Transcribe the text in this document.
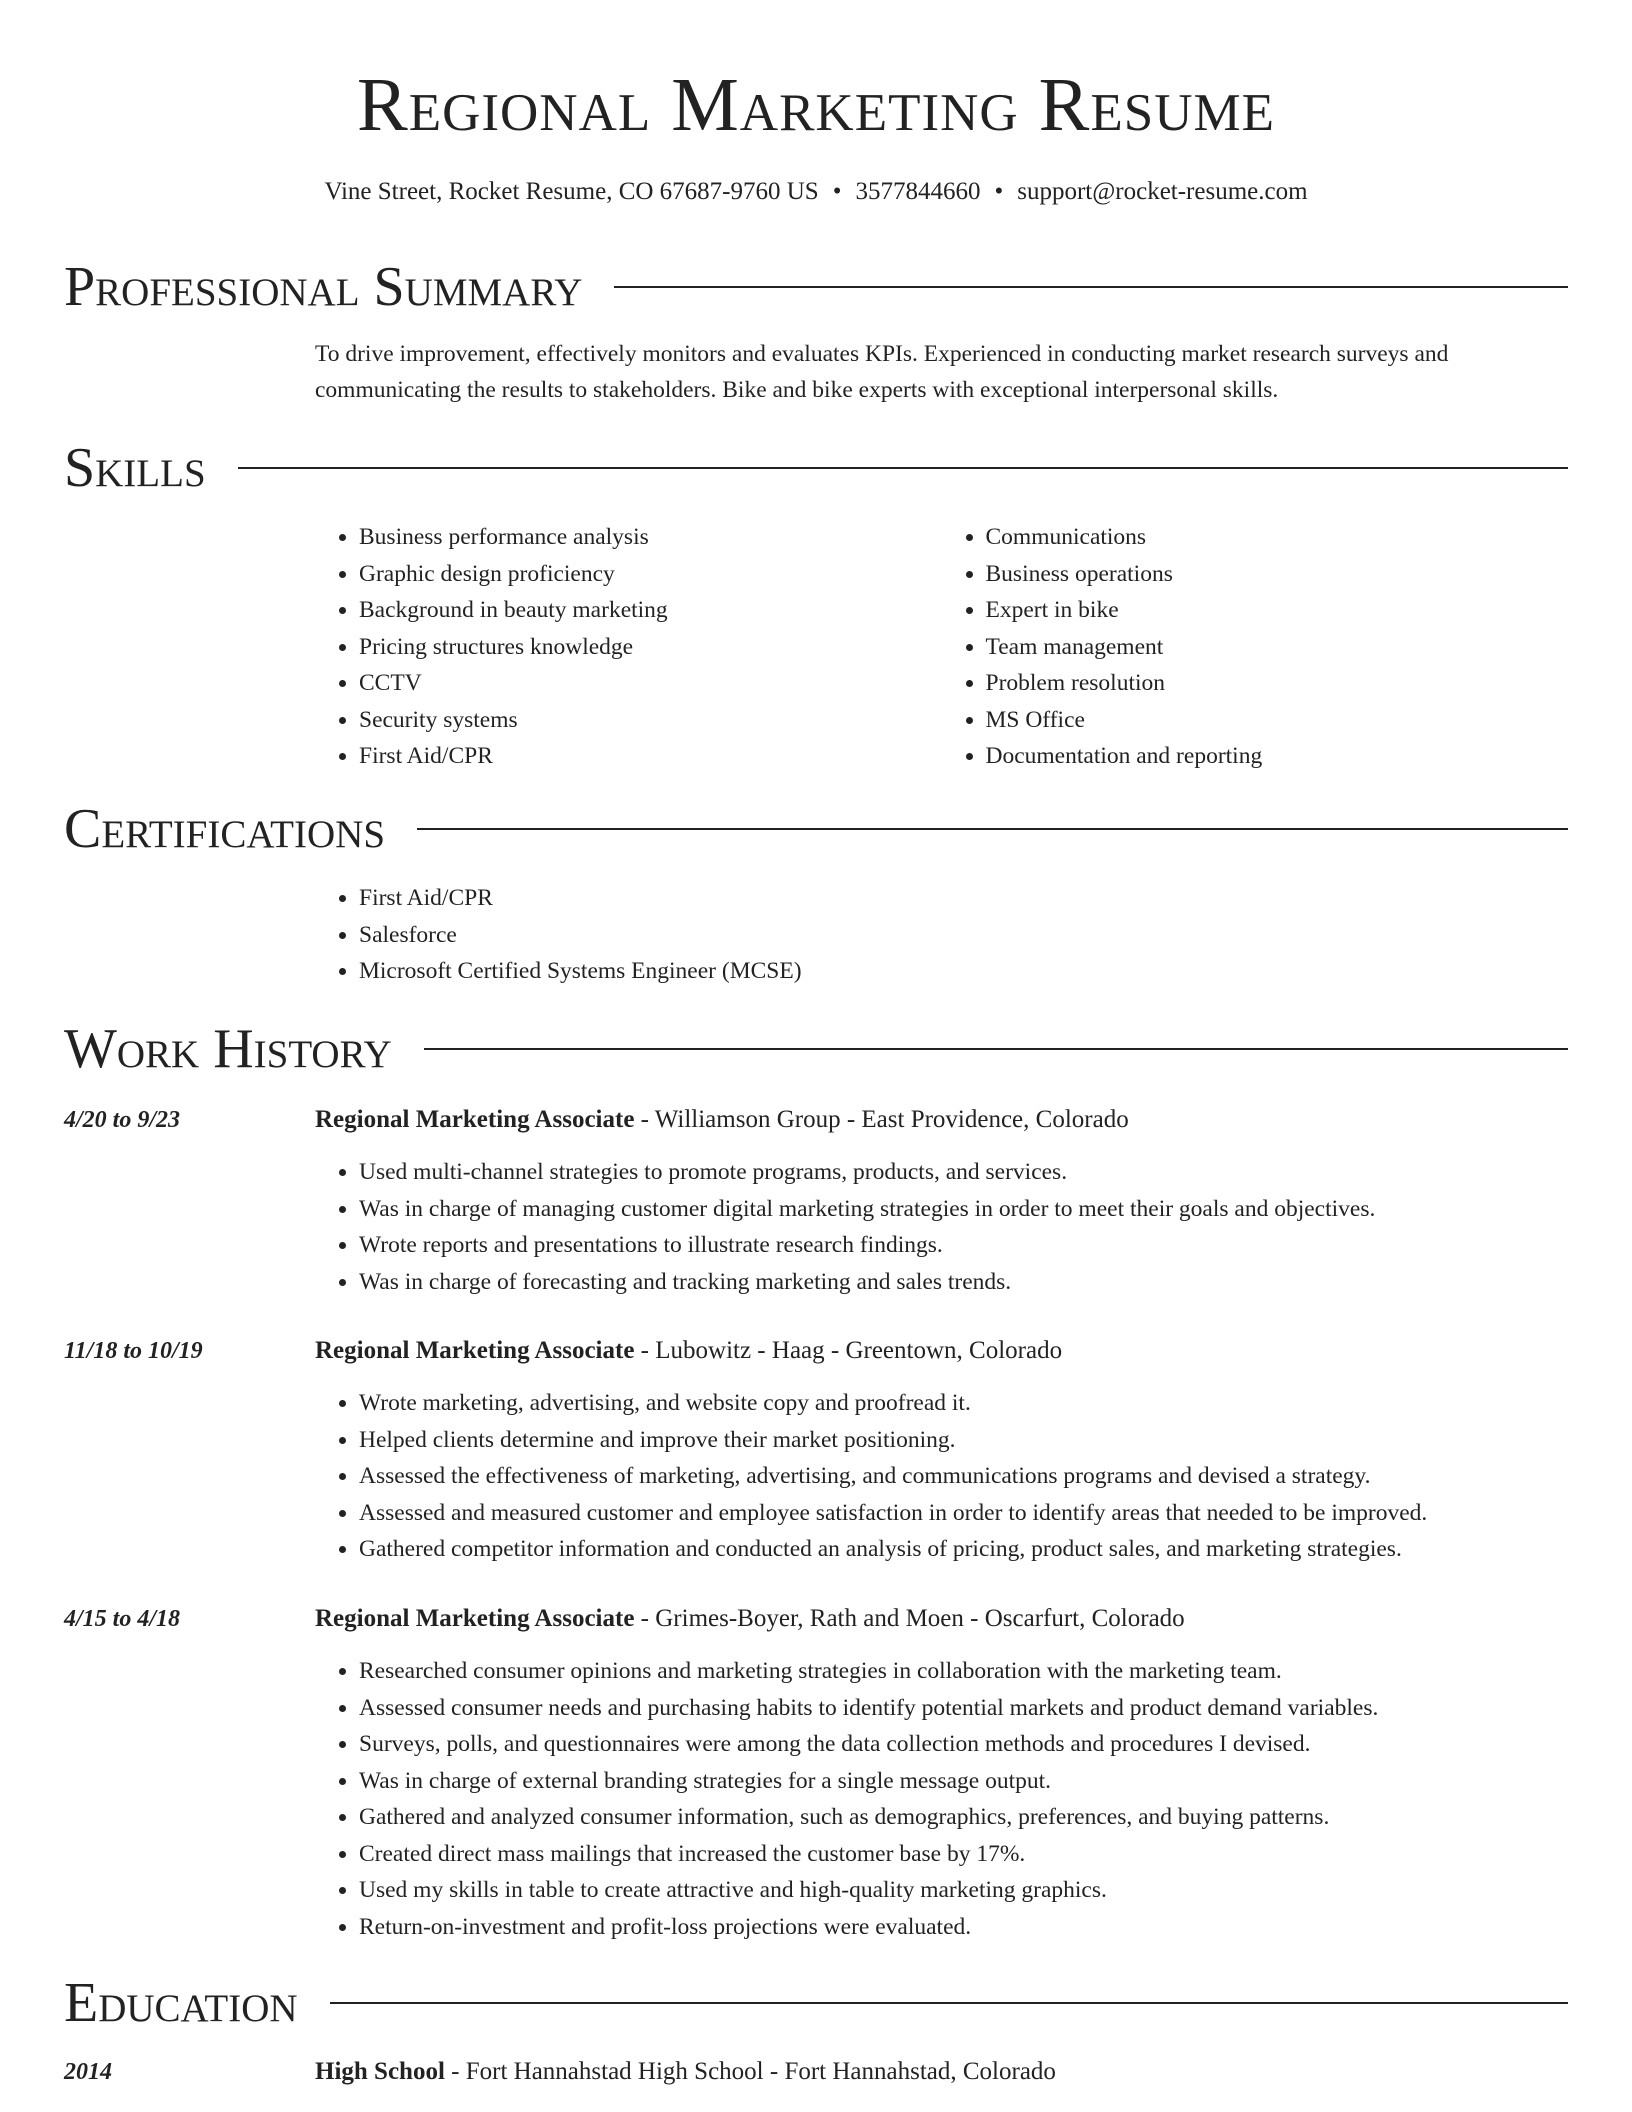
Regional Marketing Resume
Vine Street, Rocket Resume, CO 67687-9760 US • 3577844660 • support@rocket-resume.com
Professional Summary

To drive improvement, effectively monitors and evaluates KPIs. Experienced in conducting market research surveys and communicating the results to stakeholders. Bike and bike experts with exceptional interpersonal skills.

Skills
• Business performance analysis
• Graphic design proficiency
• Background in beauty marketing
• Pricing structures knowledge
• CCTV
• Security systems
• First Aid/CPR
• Communications
• Business operations
• Expert in bike
• Team management
• Problem resolution
• MS Office
• Documentation and reporting
Certifications
• First Aid/CPR
• Salesforce
• Microsoft Certified Systems Engineer (MCSE)
Work History
4/20 to 9/23	Regional Marketing Associate - Williamson Group - East Providence, Colorado
• Used multi-channel strategies to promote programs, products, and services.
• Was in charge of managing customer digital marketing strategies in order to meet their goals and objectives.
• Wrote reports and presentations to illustrate research findings.
• Was in charge of forecasting and tracking marketing and sales trends.
11/18 to 10/19	Regional Marketing Associate - Lubowitz - Haag - Greentown, Colorado
• Wrote marketing, advertising, and website copy and proofread it.
• Helped clients determine and improve their market positioning.
• Assessed the effectiveness of marketing, advertising, and communications programs and devised a strategy.
• Assessed and measured customer and employee satisfaction in order to identify areas that needed to be improved.
• Gathered competitor information and conducted an analysis of pricing, product sales, and marketing strategies.
4/15 to 4/18	Regional Marketing Associate - Grimes-Boyer, Rath and Moen - Oscarfurt, Colorado
• Researched consumer opinions and marketing strategies in collaboration with the marketing team.
• Assessed consumer needs and purchasing habits to identify potential markets and product demand variables.
• Surveys, polls, and questionnaires were among the data collection methods and procedures I devised.
• Was in charge of external branding strategies for a single message output.
• Gathered and analyzed consumer information, such as demographics, preferences, and buying patterns.
• Created direct mass mailings that increased the customer base by 17%.
• Used my skills in table to create attractive and high-quality marketing graphics.
• Return-on-investment and profit-loss projections were evaluated.
Education
2014	High School - Fort Hannahstad High School - Fort Hannahstad, Colorado
